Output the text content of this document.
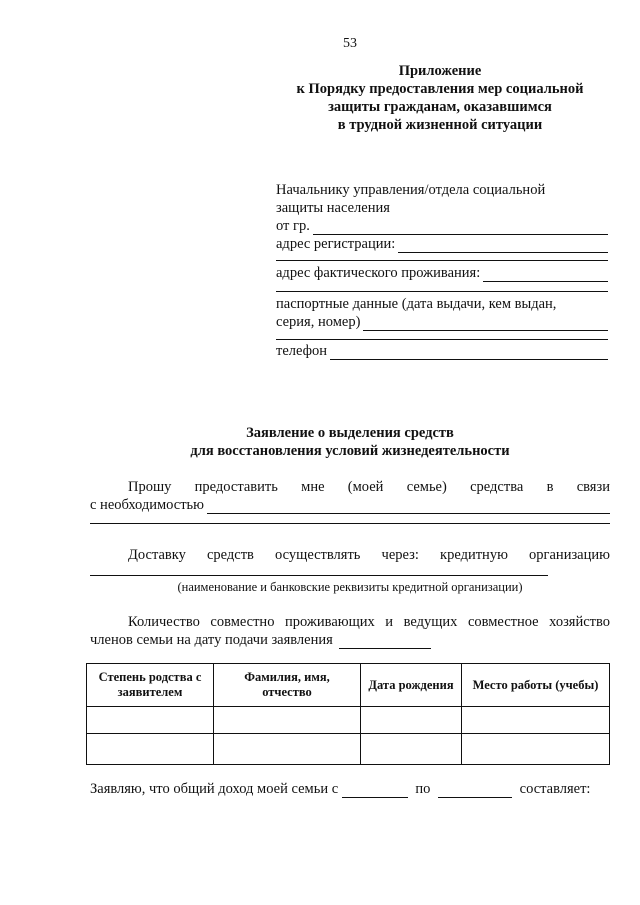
53
Приложение
к Порядку предоставления мер социальной
защиты гражданам, оказавшимся
в трудной жизненной ситуации
Начальнику управления/отдела социальной
защиты населения
от гр.
адрес регистрации:
адрес фактического проживания:
паспортные данные (дата выдачи, кем выдан,
серия, номер)
телефон
Заявление о выделения средств
для восстановления условий жизнедеятельности
Прошу предоставить мне (моей семье) средства в связи
с необходимостью
Доставку средств осуществлять через: кредитную организацию
(наименование и банковские реквизиты кредитной организации)
Количество совместно проживающих и ведущих совместное хозяйство
членов семьи на дату подачи заявления
Степень родства с заявителем	Фамилия, имя, отчество	Дата рождения	Место работы (учебы)

Заявляю, что общий доход моей семьи с	по	составляет:
